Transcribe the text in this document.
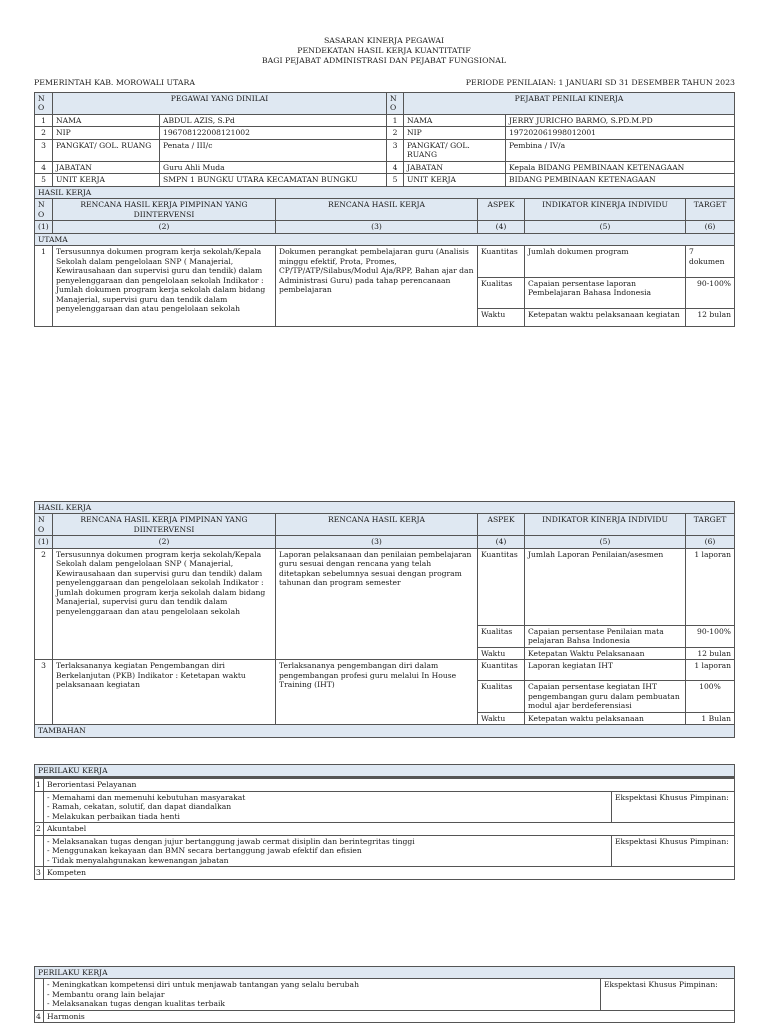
SASARAN KINERJA PEGAWAI
PENDEKATAN HASIL KERJA KUANTITATIF
BAGI PEJABAT ADMINISTRASI DAN PEJABAT FUNGSIONAL
PEMERINTAH KAB. MOROWALI UTARA	PERIODE PENILAIAN: 1 JANUARI SD 31 DESEMBER TAHUN 2023
NO	PEGAWAI YANG DINILAI		NO	PEJABAT PENILAI KINERJA	
1	NAMA	ABDUL AZIS, S.Pd	1	NAMA	JERRY JURICHO BARMO, S.PD.M.PD
2	NIP	196708122008121002	2	NIP	197202061998012001
3	PANGKAT/ GOL. RUANG	Penata / III/c	3	PANGKAT/ GOL. RUANG	Pembina / IV/a
4	JABATAN	Guru Ahli Muda	4	JABATAN	Kepala BIDANG PEMBINAAN KETENAGAAN
5	UNIT KERJA	SMPN 1 BUNGKU UTARA KECAMATAN BUNGKU UTARA	5	UNIT KERJA	BIDANG PEMBINAAN KETENAGAAN
HASIL KERJA					
NO	RENCANA HASIL KERJA PIMPINAN YANG DIINTERVENSI	RENCANA HASIL KERJA	ASPEK	INDIKATOR KINERJA INDIVIDU	TARGET
(1)	(2)	(3)	(4)	(5)	(6)
UTAMA					
1	Tersusunnya dokumen program kerja sekolah/Kepala Sekolah dalam pengelolaan SNP ( Manajerial, Kewirausahaan dan supervisi guru dan tendik) dalam penyelenggaraan dan pengelolaan sekolah Indikator : Jumlah dokumen program kerja sekolah dalam bidang Manajerial, supervisi guru dan tendik dalam penyelenggaraan dan atau pengelolaan sekolah	Dokumen perangkat pembelajaran guru (Analisis minggu efektif, Prota, Promes, CP/TP/ATP/Silabus/Modul Aja/RPP, Bahan ajar dan Administrasi Guru) pada tahap perencanaan pembelajaran	Kuantitas	Jumlah dokumen program	7 dokumen
			Kualitas	Capaian persentase laporan Pembelajaran Bahasa Indonesia	90-100%
			Waktu	Ketepatan waktu pelaksanaan kegiatan	12 bulan
HASIL KERJA					
NO	RENCANA HASIL KERJA PIMPINAN YANG DIINTERVENSI	RENCANA HASIL KERJA	ASPEK	INDIKATOR KINERJA INDIVIDU	TARGET
(1)	(2)	(3)	(4)	(5)	(6)
2	Tersusunnya dokumen program kerja sekolah/Kepala Sekolah dalam pengelolaan SNP ( Manajerial, Kewirausahaan dan supervisi guru dan tendik) dalam penyelenggaraan dan pengelolaan sekolah Indikator : Jumlah dokumen program kerja sekolah dalam bidang Manajerial, supervisi guru dan tendik dalam penyelenggaraan dan atau pengelolaan sekolah	Laporan pelaksanaan dan penilaian pembelajaran guru sesuai dengan rencana yang telah ditetapkan sebelumnya sesuai dengan program tahunan dan program semester	Kuantitas	Jumlah Laporan Penilaian/asesmen	1 laporan
			Kualitas	Capaian persentase Penilaian mata pelajaran Bahsa Indonesia	90-100%
			Waktu	Ketepatan Waktu Pelaksanaan	12 bulan
3	Terlaksananya kegiatan Pengembangan diri Berkelanjutan (PKB) Indikator : Ketetapan waktu pelaksanaan kegiatan	Terlaksananya pengembangan diri dalam pengembangan profesi guru melalui In House Training (IHT)	Kuantitas	Laporan kegiatan IHT	1 laporan
			Kualitas	Capaian persentase kegiatan IHT pengembangan guru dalam pembuatan modul ajar berdeferensiasi	100%
			Waktu	Ketepatan waktu pelaksanaan	1 Bulan
TAMBAHAN					
PERILAKU KERJA		
1	Berorientasi Pelayanan	

	- Memahami dan memenuhi kebutuhan masyarakat
- Ramah, cekatan, solutif, dan dapat diandalkan
- Melakukan perbaikan tiada henti	Ekspektasi Khusus Pimpinan:
2	Akuntabel	

	- Melaksanakan tugas dengan jujur bertanggung jawab cermat disiplin dan berintegritas tinggi
- Menggunakan kekayaan dan BMN secara bertanggung jawab efektif dan efisien
- Tidak menyalahgunakan kewenangan jabatan	Ekspektasi Khusus Pimpinan:
3	Kompeten	
PERILAKU KERJA		

	- Meningkatkan kompetensi diri untuk menjawab tantangan yang selalu berubah
- Membantu orang lain belajar
- Melaksanakan tugas dengan kualitas terbaik	Ekspektasi Khusus Pimpinan:
4	Harmonis	
